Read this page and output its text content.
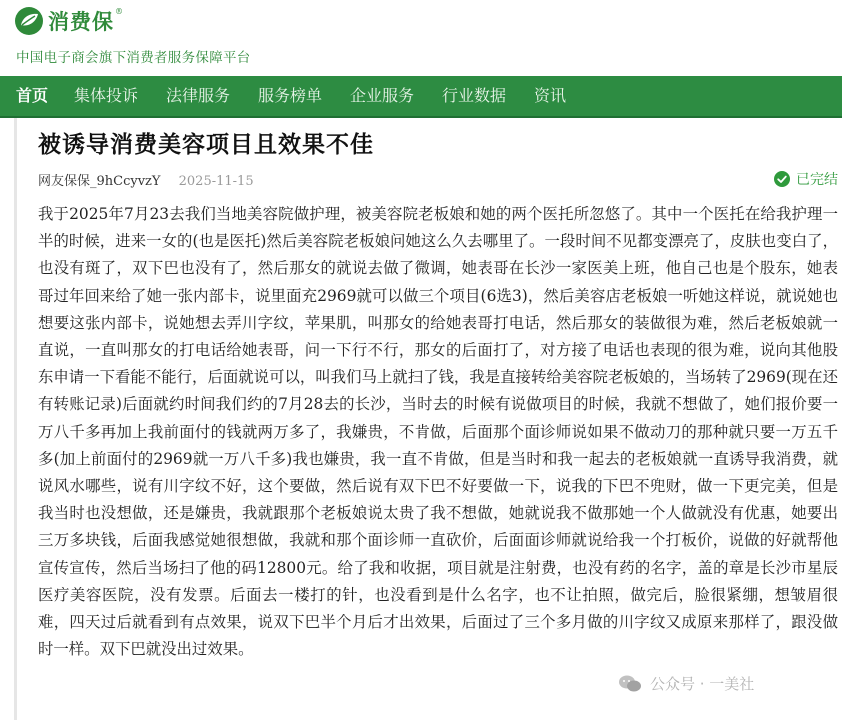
消费保 ®
中国电子商会旗下消费者服务保障平台
首页 集体投诉 法律服务 服务榜单 企业服务 行业数据 资讯
被诱导消费美容项目且效果不佳
网友保保_9hCcyvzY 2025-11-15	已完结

我于2025年7月23去我们当地美容院做护理，被美容院老板娘和她的两个医托所忽悠了。其中一个医托在给我护理一半的时候，进来一女的(也是医托)然后美容院老板娘问她这么久去哪里了。一段时间不见都变漂亮了，皮肤也变白了，也没有斑了，双下巴也没有了，然后那女的就说去做了微调，她表哥在长沙一家医美上班，他自己也是个股东，她表哥过年回来给了她一张内部卡，说里面充2969就可以做三个项目(6选3)，然后美容店老板娘一听她这样说，就说她也想要这张内部卡，说她想去弄川字纹，苹果肌，叫那女的给她表哥打电话，然后那女的装做很为难，然后老板娘就一直说，一直叫那女的打电话给她表哥，问一下行不行，那女的后面打了，对方接了电话也表现的很为难，说向其他股东申请一下看能不能行，后面就说可以，叫我们马上就扫了钱，我是直接转给美容院老板娘的，当场转了2969(现在还有转账记录)后面就约时间我们约的7月28去的长沙，当时去的时候有说做项目的时候，我就不想做了，她们报价要一万八千多再加上我前面付的钱就两万多了，我嫌贵，不肯做，后面那个面诊师说如果不做动刀的那种就只要一万五千多(加上前面付的2969就一万八千多)我也嫌贵，我一直不肯做，但是当时和我一起去的老板娘就一直诱导我消费，就说风水哪些，说有川字纹不好，这个要做，然后说有双下巴不好要做一下，说我的下巴不兜财，做一下更完美，但是我当时也没想做，还是嫌贵，我就跟那个老板娘说太贵了我不想做，她就说我不做那她一个人做就没有优惠，她要出三万多块钱，后面我感觉她很想做，我就和那个面诊师一直砍价，后面面诊师就说给我一个打板价，说做的好就帮他宣传宣传，然后当场扫了他的码12800元。给了我和收据，项目就是注射费，也没有药的名字，盖的章是长沙市星辰医疗美容医院，没有发票。后面去一楼打的针，也没看到是什么名字，也不让拍照，做完后，脸很紧绷，想皱眉很难，四天过后就看到有点效果，说双下巴半个月后才出效果，后面过了三个多月做的川字纹又成原来那样了，跟没做时一样。双下巴就没出过效果。

公众号 · 一美社
